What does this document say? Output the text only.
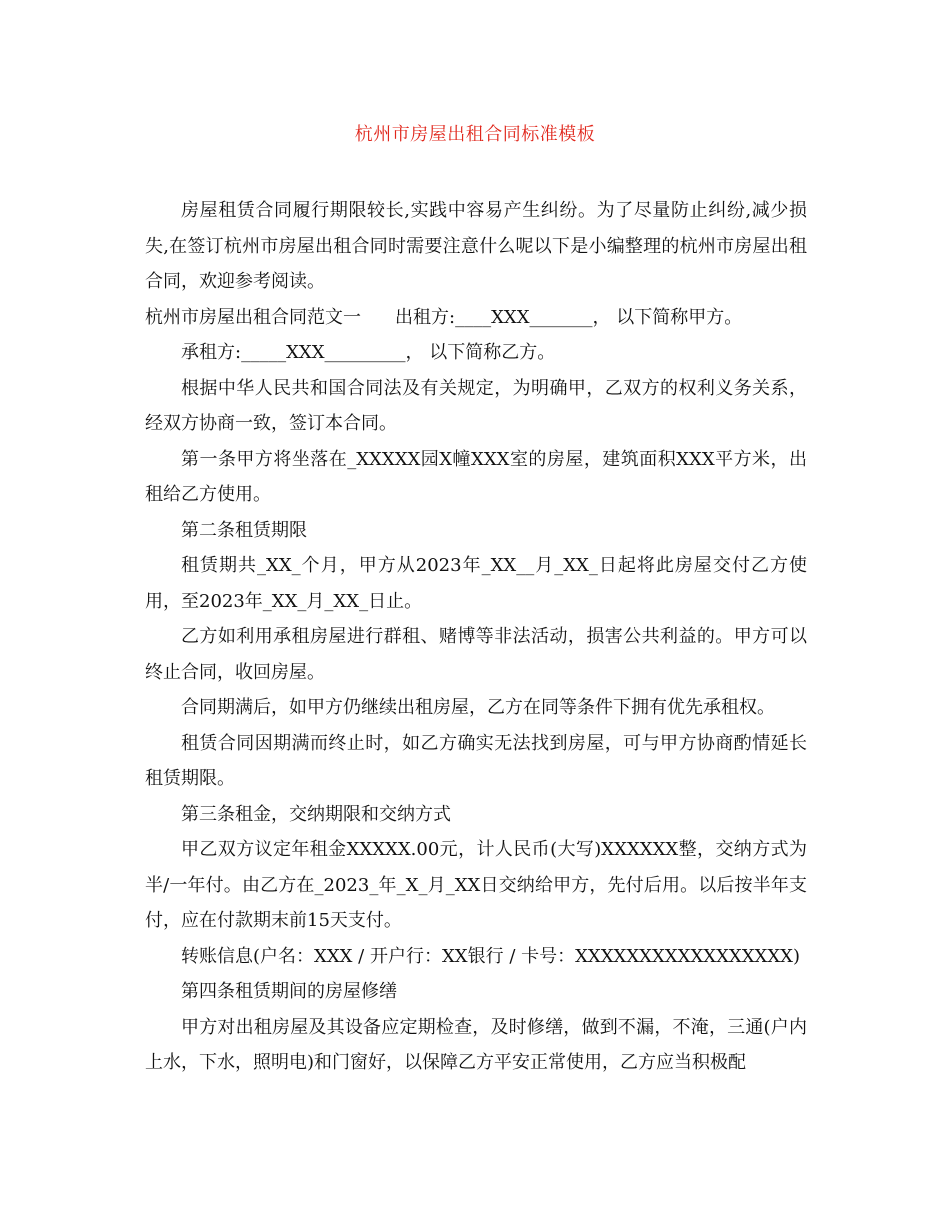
杭州市房屋出租合同标准模板

房屋租赁合同履行期限较长,实践中容易产生纠纷。为了尽量防止纠纷,减少损失,在签订杭州市房屋出租合同时需要注意什么呢以下是小编整理的杭州市房屋出租合同，欢迎参考阅读。

杭州市房屋出租合同范文一 出租方:____XXX_______， 以下简称甲方。

承租方:_____XXX_________， 以下简称乙方。

根据中华人民共和国合同法及有关规定，为明确甲，乙双方的权利义务关系，经双方协商一致，签订本合同。

第一条甲方将坐落在_XXXXX园X幢XXX室的房屋，建筑面积XXX平方米，出租给乙方使用。

第二条租赁期限

租赁期共_XX_个月，甲方从2023年_XX__月_XX_日起将此房屋交付乙方使用，至2023年_XX_月_XX_日止。

乙方如利用承租房屋进行群租、赌博等非法活动，损害公共利益的。甲方可以终止合同，收回房屋。

合同期满后，如甲方仍继续出租房屋，乙方在同等条件下拥有优先承租权。

租赁合同因期满而终止时，如乙方确实无法找到房屋，可与甲方协商酌情延长租赁期限。

第三条租金，交纳期限和交纳方式

甲乙双方议定年租金XXXXX.00元，计人民币(大写)XXXXXX整，交纳方式为半/一年付。由乙方在_2023_年_X_月_XX日交纳给甲方，先付后用。以后按半年支付，应在付款期末前15天支付。

转账信息(户名：XXX / 开户行：XX银行 / 卡号：XXXXXXXXXXXXXXXXX)

第四条租赁期间的房屋修缮

甲方对出租房屋及其设备应定期检查，及时修缮，做到不漏，不淹，三通(户内上水，下水，照明电)和门窗好，以保障乙方平安正常使用，乙方应当积极配
